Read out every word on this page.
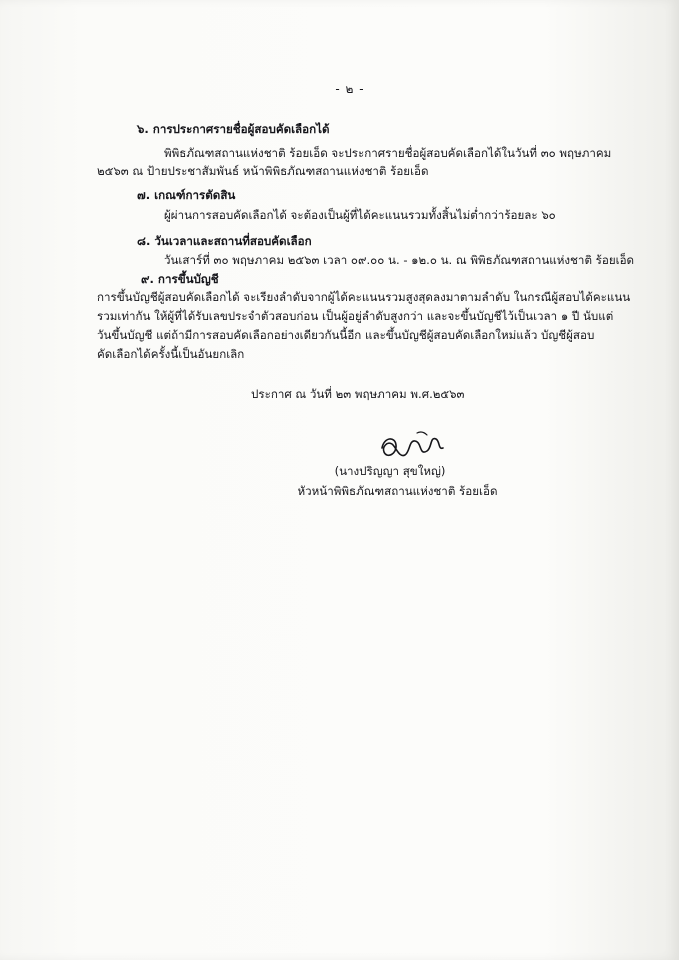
- ๒ -
๖. การประกาศรายชื่อผู้สอบคัดเลือกได้
พิพิธภัณฑสถานแห่งชาติ ร้อยเอ็ด จะประกาศรายชื่อผู้สอบคัดเลือกได้ในวันที่ ๓๐ พฤษภาคม
๒๕๖๓ ณ ป้ายประชาสัมพันธ์ หน้าพิพิธภัณฑสถานแห่งชาติ ร้อยเอ็ด
๗. เกณฑ์การตัดสิน
ผู้ผ่านการสอบคัดเลือกได้ จะต้องเป็นผู้ที่ได้คะแนนรวมทั้งสิ้นไม่ต่ำกว่าร้อยละ ๖๐
๘. วันเวลาและสถานที่สอบคัดเลือก
วันเสาร์ที่ ๓๐ พฤษภาคม ๒๕๖๓ เวลา ๐๙.๐๐ น. - ๑๒.๐ น. ณ พิพิธภัณฑสถานแห่งชาติ ร้อยเอ็ด
๙. การขึ้นบัญชี
การขึ้นบัญชีผู้สอบคัดเลือกได้ จะเรียงลำดับจากผู้ได้คะแนนรวมสูงสุดลงมาตามลำดับ ในกรณีผู้สอบได้คะแนน
รวมเท่ากัน ให้ผู้ที่ได้รับเลขประจำตัวสอบก่อน เป็นผู้อยู่ลำดับสูงกว่า และจะขึ้นบัญชีไว้เป็นเวลา ๑ ปี นับแต่
วันขึ้นบัญชี แต่ถ้ามีการสอบคัดเลือกอย่างเดียวกันนี้อีก และขึ้นบัญชีผู้สอบคัดเลือกใหม่แล้ว บัญชีผู้สอบ
คัดเลือกได้ครั้งนี้เป็นอันยกเลิก
ประกาศ ณ วันที่ ๒๓ พฤษภาคม พ.ศ.๒๕๖๓
(นางปริญญา สุขใหญ่)
หัวหน้าพิพิธภัณฑสถานแห่งชาติ ร้อยเอ็ด
